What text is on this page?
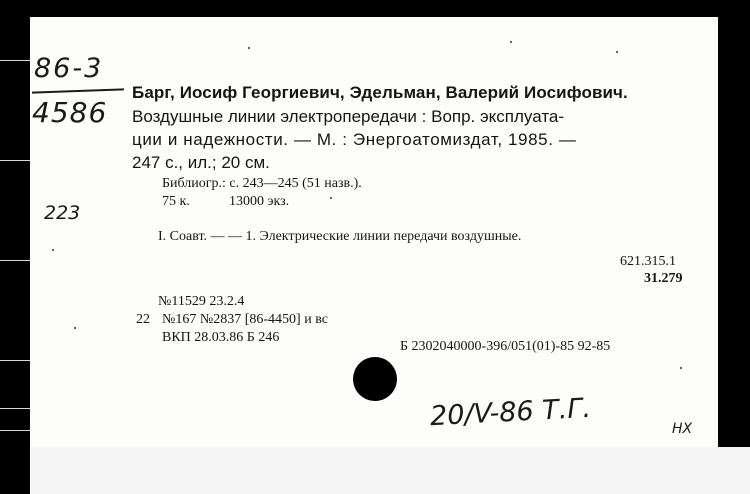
86-3
4586
223
Барг, Иосиф Георгиевич, Эдельман, Валерий Иосифович.
Воздушные линии электропередачи : Вопр. эксплуата-
ции и надежности. — М. : Энергоатомиздат, 1985. —
247 с., ил.; 20 см.
Библиогр.: с. 243—245 (51 назв.).
75 к.	13000 экз.
I. Соавт. — — 1. Электрические линии передачи воздушные.
621.315.1
31.279
№11529 23.2.4
22 №167 №2837 [86-4450] и вс
ВКП 28.03.86 Б 246
Б 2302040000-396/051(01)-85 92-85
20/V-86 Т.Г.	НХ
